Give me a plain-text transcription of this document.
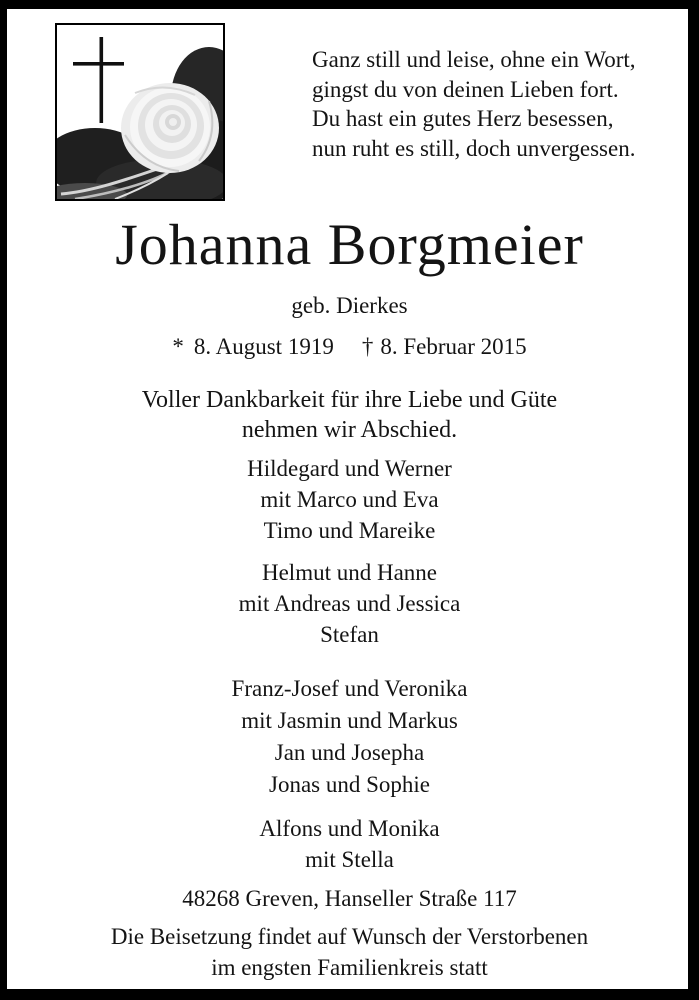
Ganz still und leise, ohne ein Wort,
gingst du von deinen Lieben fort.
Du hast ein gutes Herz besessen,
nun ruht es still, doch unvergessen.
Johanna Borgmeier
geb. Dierkes
* 8. August 1919 † 8. Februar 2015
Voller Dankbarkeit für ihre Liebe und Güte
nehmen wir Abschied.
Hildegard und Werner
mit Marco und Eva
Timo und Mareike
Helmut und Hanne
mit Andreas und Jessica
Stefan
Franz-Josef und Veronika
mit Jasmin und Markus
Jan und Josepha
Jonas und Sophie
Alfons und Monika
mit Stella
48268 Greven, Hanseller Straße 117
Die Beisetzung findet auf Wunsch der Verstorbenen
im engsten Familienkreis statt
